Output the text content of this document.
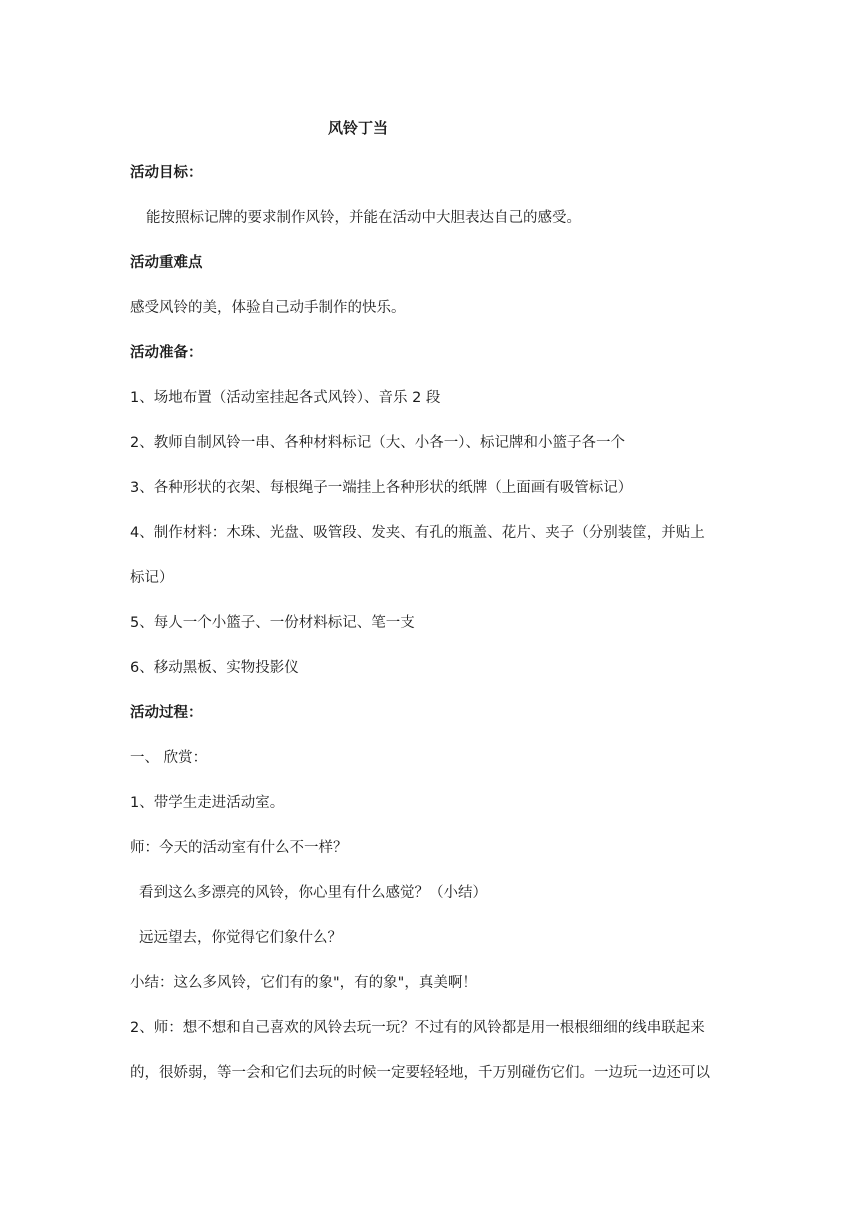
风铃丁当
活动目标：
能按照标记牌的要求制作风铃，并能在活动中大胆表达自己的感受。
活动重难点
感受风铃的美，体验自己动手制作的快乐。
活动准备：
1、场地布置（活动室挂起各式风铃）、音乐 2 段
2、教师自制风铃一串、各种材料标记（大、小各一）、标记牌和小篮子各一个
3、各种形状的衣架、每根绳子一端挂上各种形状的纸牌（上面画有吸管标记）
4、制作材料：木珠、光盘、吸管段、发夹、有孔的瓶盖、花片、夹子（分别装筐，并贴上
标记）
5、每人一个小篮子、一份材料标记、笔一支
6、移动黑板、实物投影仪
活动过程：
一、 欣赏：
1、带学生走进活动室。
师：今天的活动室有什么不一样？
看到这么多漂亮的风铃，你心里有什么感觉？（小结）
远远望去，你觉得它们象什么？
小结：这么多风铃，它们有的象"，有的象"，真美啊！
2、师：想不想和自己喜欢的风铃去玩一玩？不过有的风铃都是用一根根细细的线串联起来
的，很娇弱，等一会和它们去玩的时候一定要轻轻地，千万别碰伤它们。一边玩一边还可以
